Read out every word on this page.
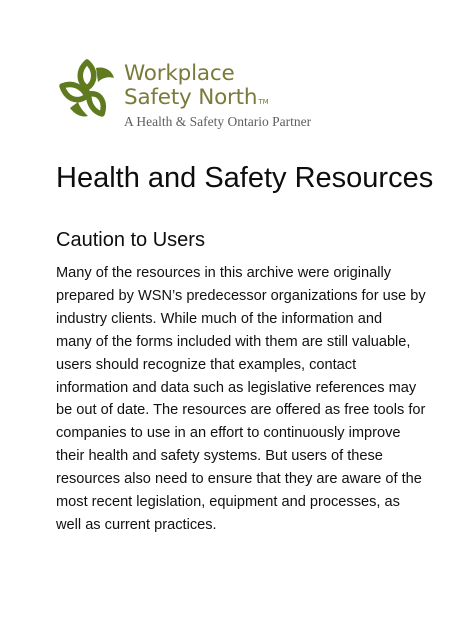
Workplace
Safety North™
A Health & Safety Ontario Partner
Health and Safety Resources
Caution to Users

Many of the resources in this archive were originally
prepared by WSN’s predecessor organizations for use by
industry clients. While much of the information and
many of the forms included with them are still valuable,
users should recognize that examples, contact
information and data such as legislative references may
be out of date. The resources are offered as free tools for
companies to use in an effort to continuously improve
their health and safety systems. But users of these
resources also need to ensure that they are aware of the
most recent legislation, equipment and processes, as
well as current practices.
